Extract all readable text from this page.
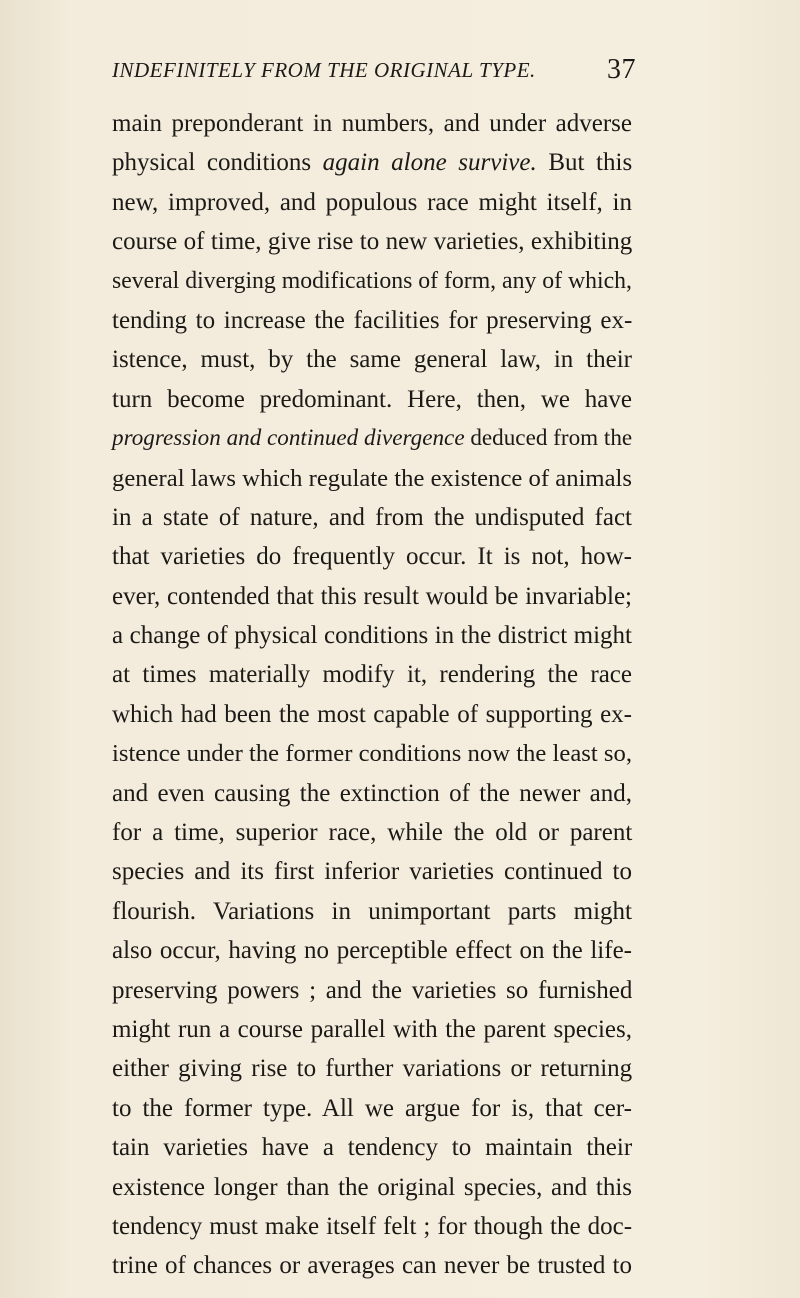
INDEFINITELY FROM THE ORIGINAL TYPE.	37
main preponderant in numbers, and under adverse
physical conditions again alone survive. But this
new, improved, and populous race might itself, in
course of time, give rise to new varieties, exhibiting
several diverging modifications of form, any of which,
tending to increase the facilities for preserving ex-
istence, must, by the same general law, in their
turn become predominant. Here, then, we have
progression and continued divergence deduced from the
general laws which regulate the existence of animals
in a state of nature, and from the undisputed fact
that varieties do frequently occur. It is not, how-
ever, contended that this result would be invariable;
a change of physical conditions in the district might
at times materially modify it, rendering the race
which had been the most capable of supporting ex-
istence under the former conditions now the least so,
and even causing the extinction of the newer and,
for a time, superior race, while the old or parent
species and its first inferior varieties continued to
flourish. Variations in unimportant parts might
also occur, having no perceptible effect on the life-
preserving powers ; and the varieties so furnished
might run a course parallel with the parent species,
either giving rise to further variations or returning
to the former type. All we argue for is, that cer-
tain varieties have a tendency to maintain their
existence longer than the original species, and this
tendency must make itself felt ; for though the doc-
trine of chances or averages can never be trusted to
